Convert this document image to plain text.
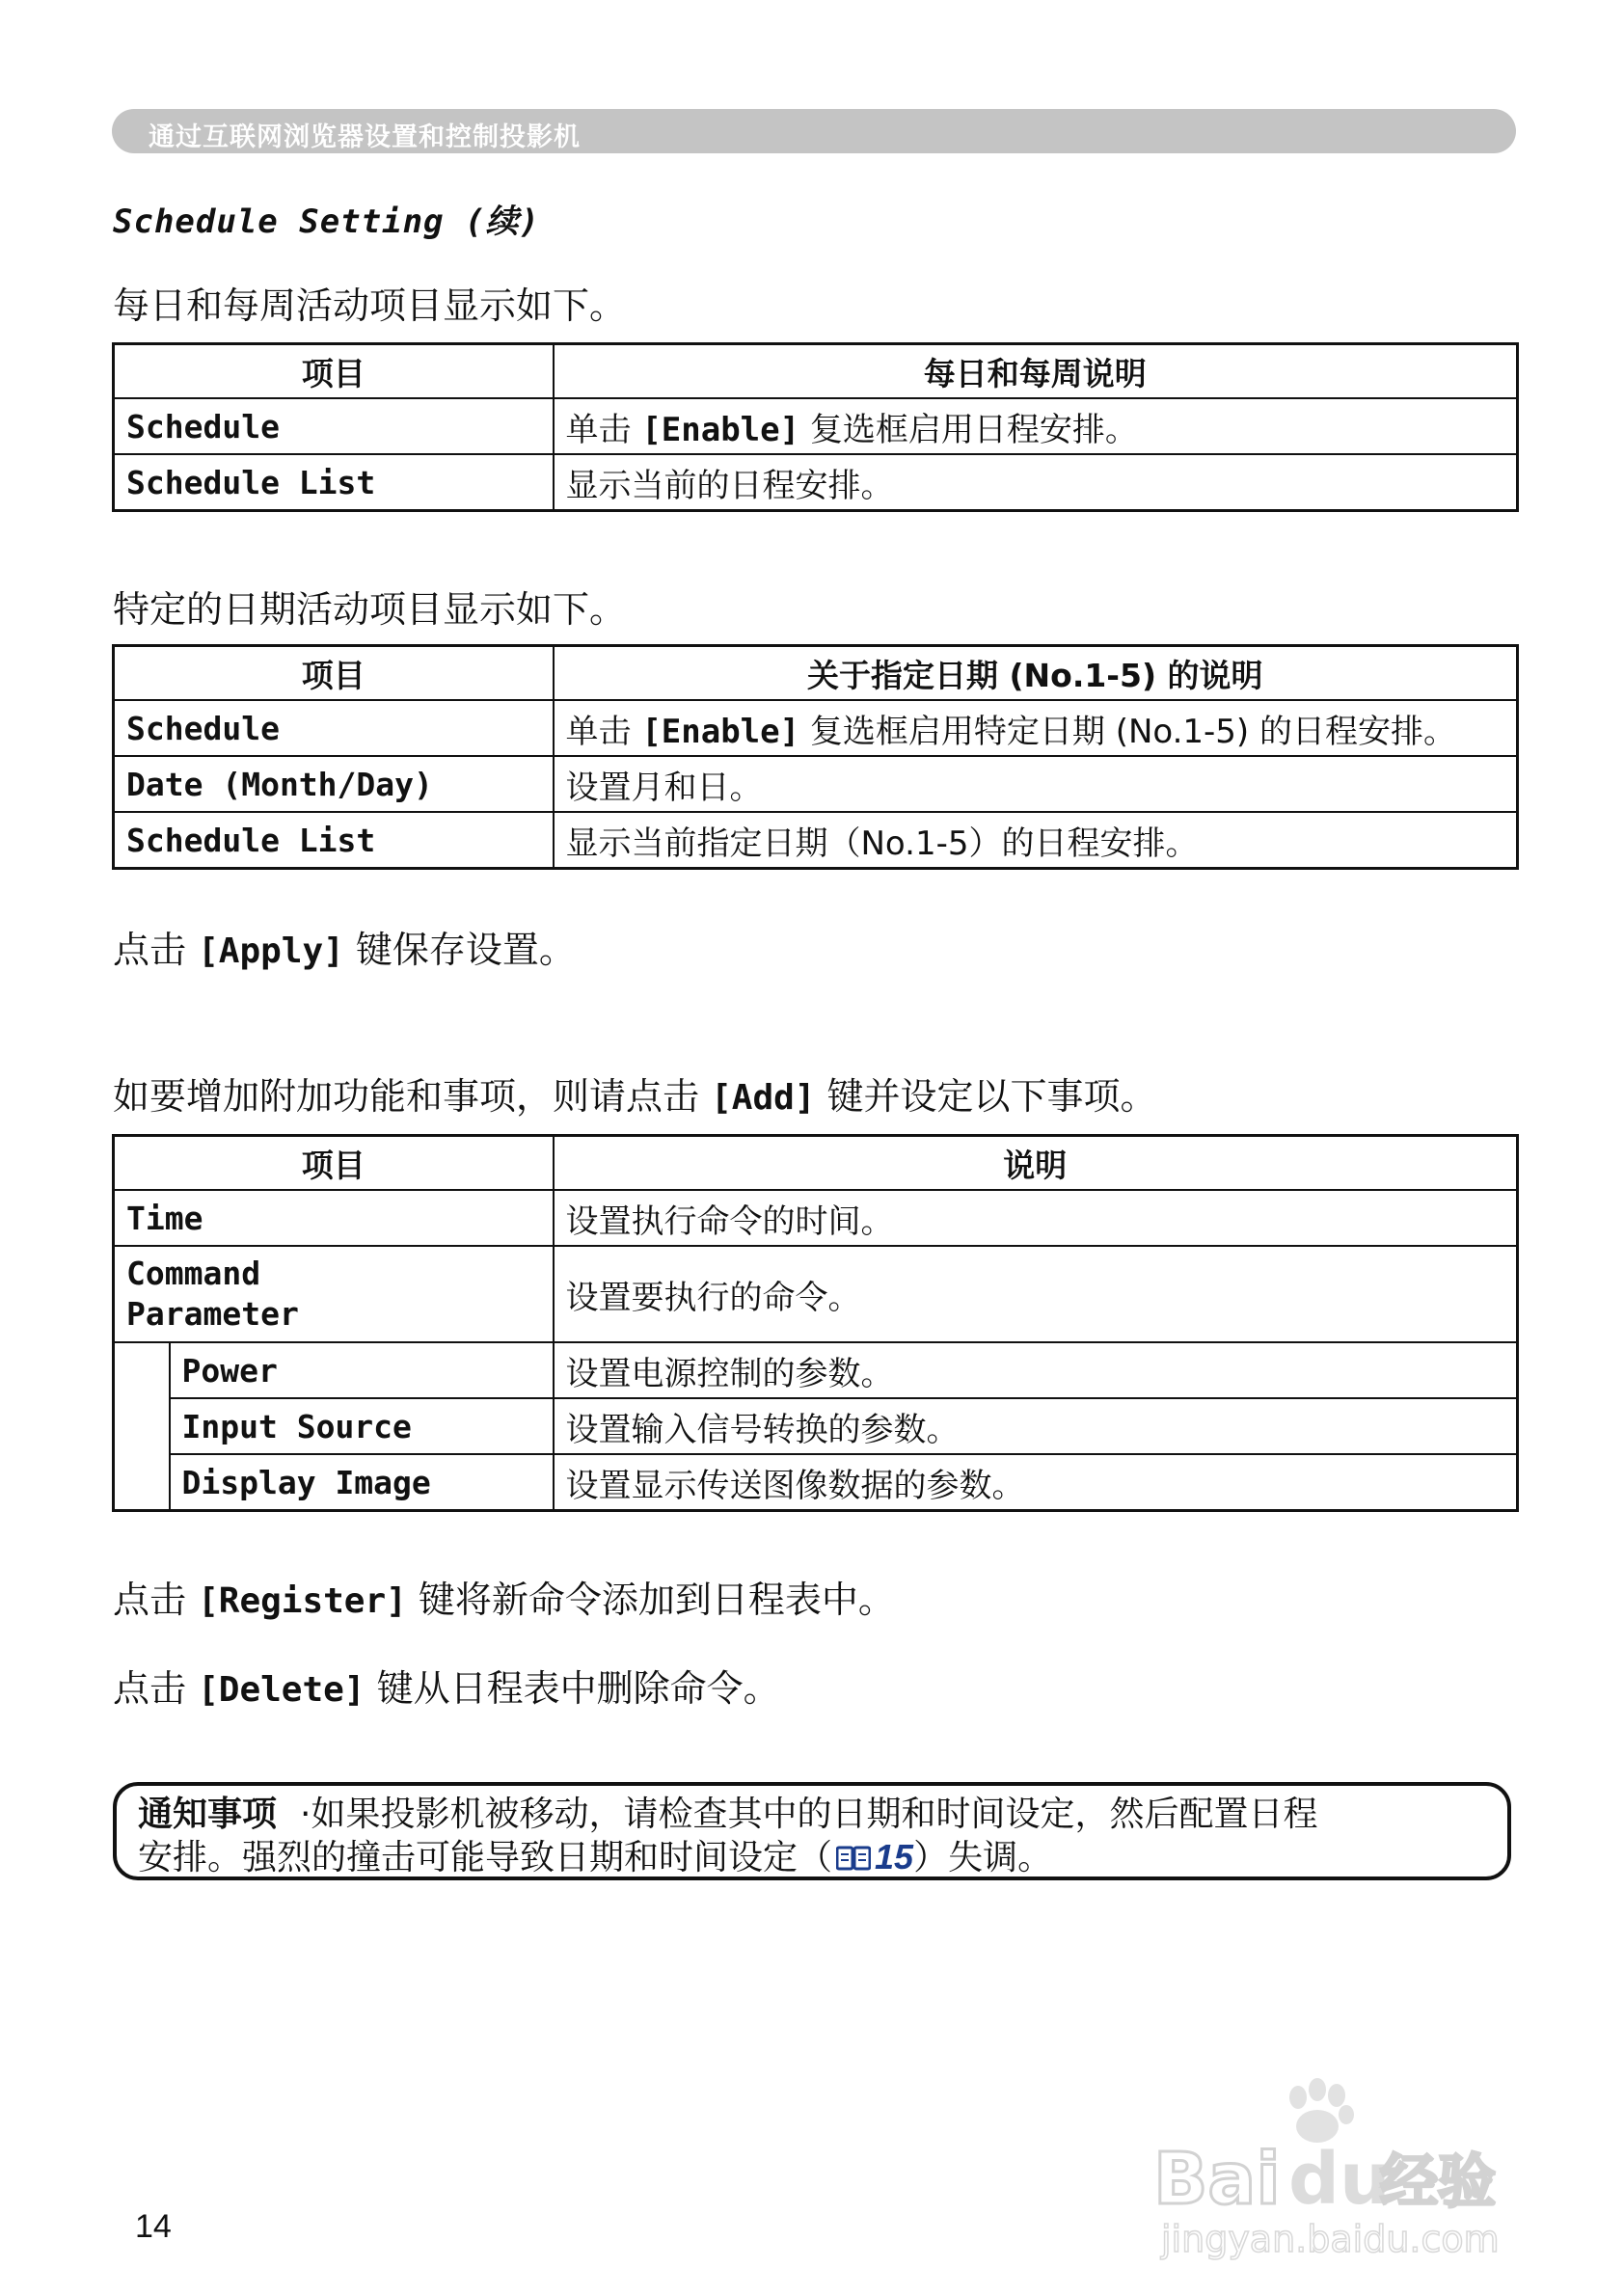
通过互联网浏览器设置和控制投影机
Schedule Setting (续)
每日和每周活动项目显示如下。
项目	每日和每周说明
Schedule	单击 [Enable] 复选框启用日程安排。
Schedule List	显示当前的日程安排。
特定的日期活动项目显示如下。
项目	关于指定日期 (No.1-5) 的说明
Schedule	单击 [Enable] 复选框启用特定日期 (No.1-5) 的日程安排。
Date (Month/Day)	设置月和日。
Schedule List	显示当前指定日期（No.1-5）的日程安排。
点击 [Apply] 键保存设置。
如要增加附加功能和事项，则请点击 [Add] 键并设定以下事项。
项目		说明
Time		设置执行命令的时间。
Command
Parameter		设置要执行的命令。
	Power	设置电源控制的参数。
	Input Source	设置输入信号转换的参数。
	Display Image	设置显示传送图像数据的参数。
点击 [Register] 键将新命令添加到日程表中。
点击 [Delete] 键从日程表中删除命令。
通知事项 ·如果投影机被移动，请检查其中的日期和时间设定，然后配置日程
安排。强烈的撞击可能导致日期和时间设定（ 15）失调。
14
Bai du
经验
jingyan.baidu.com
